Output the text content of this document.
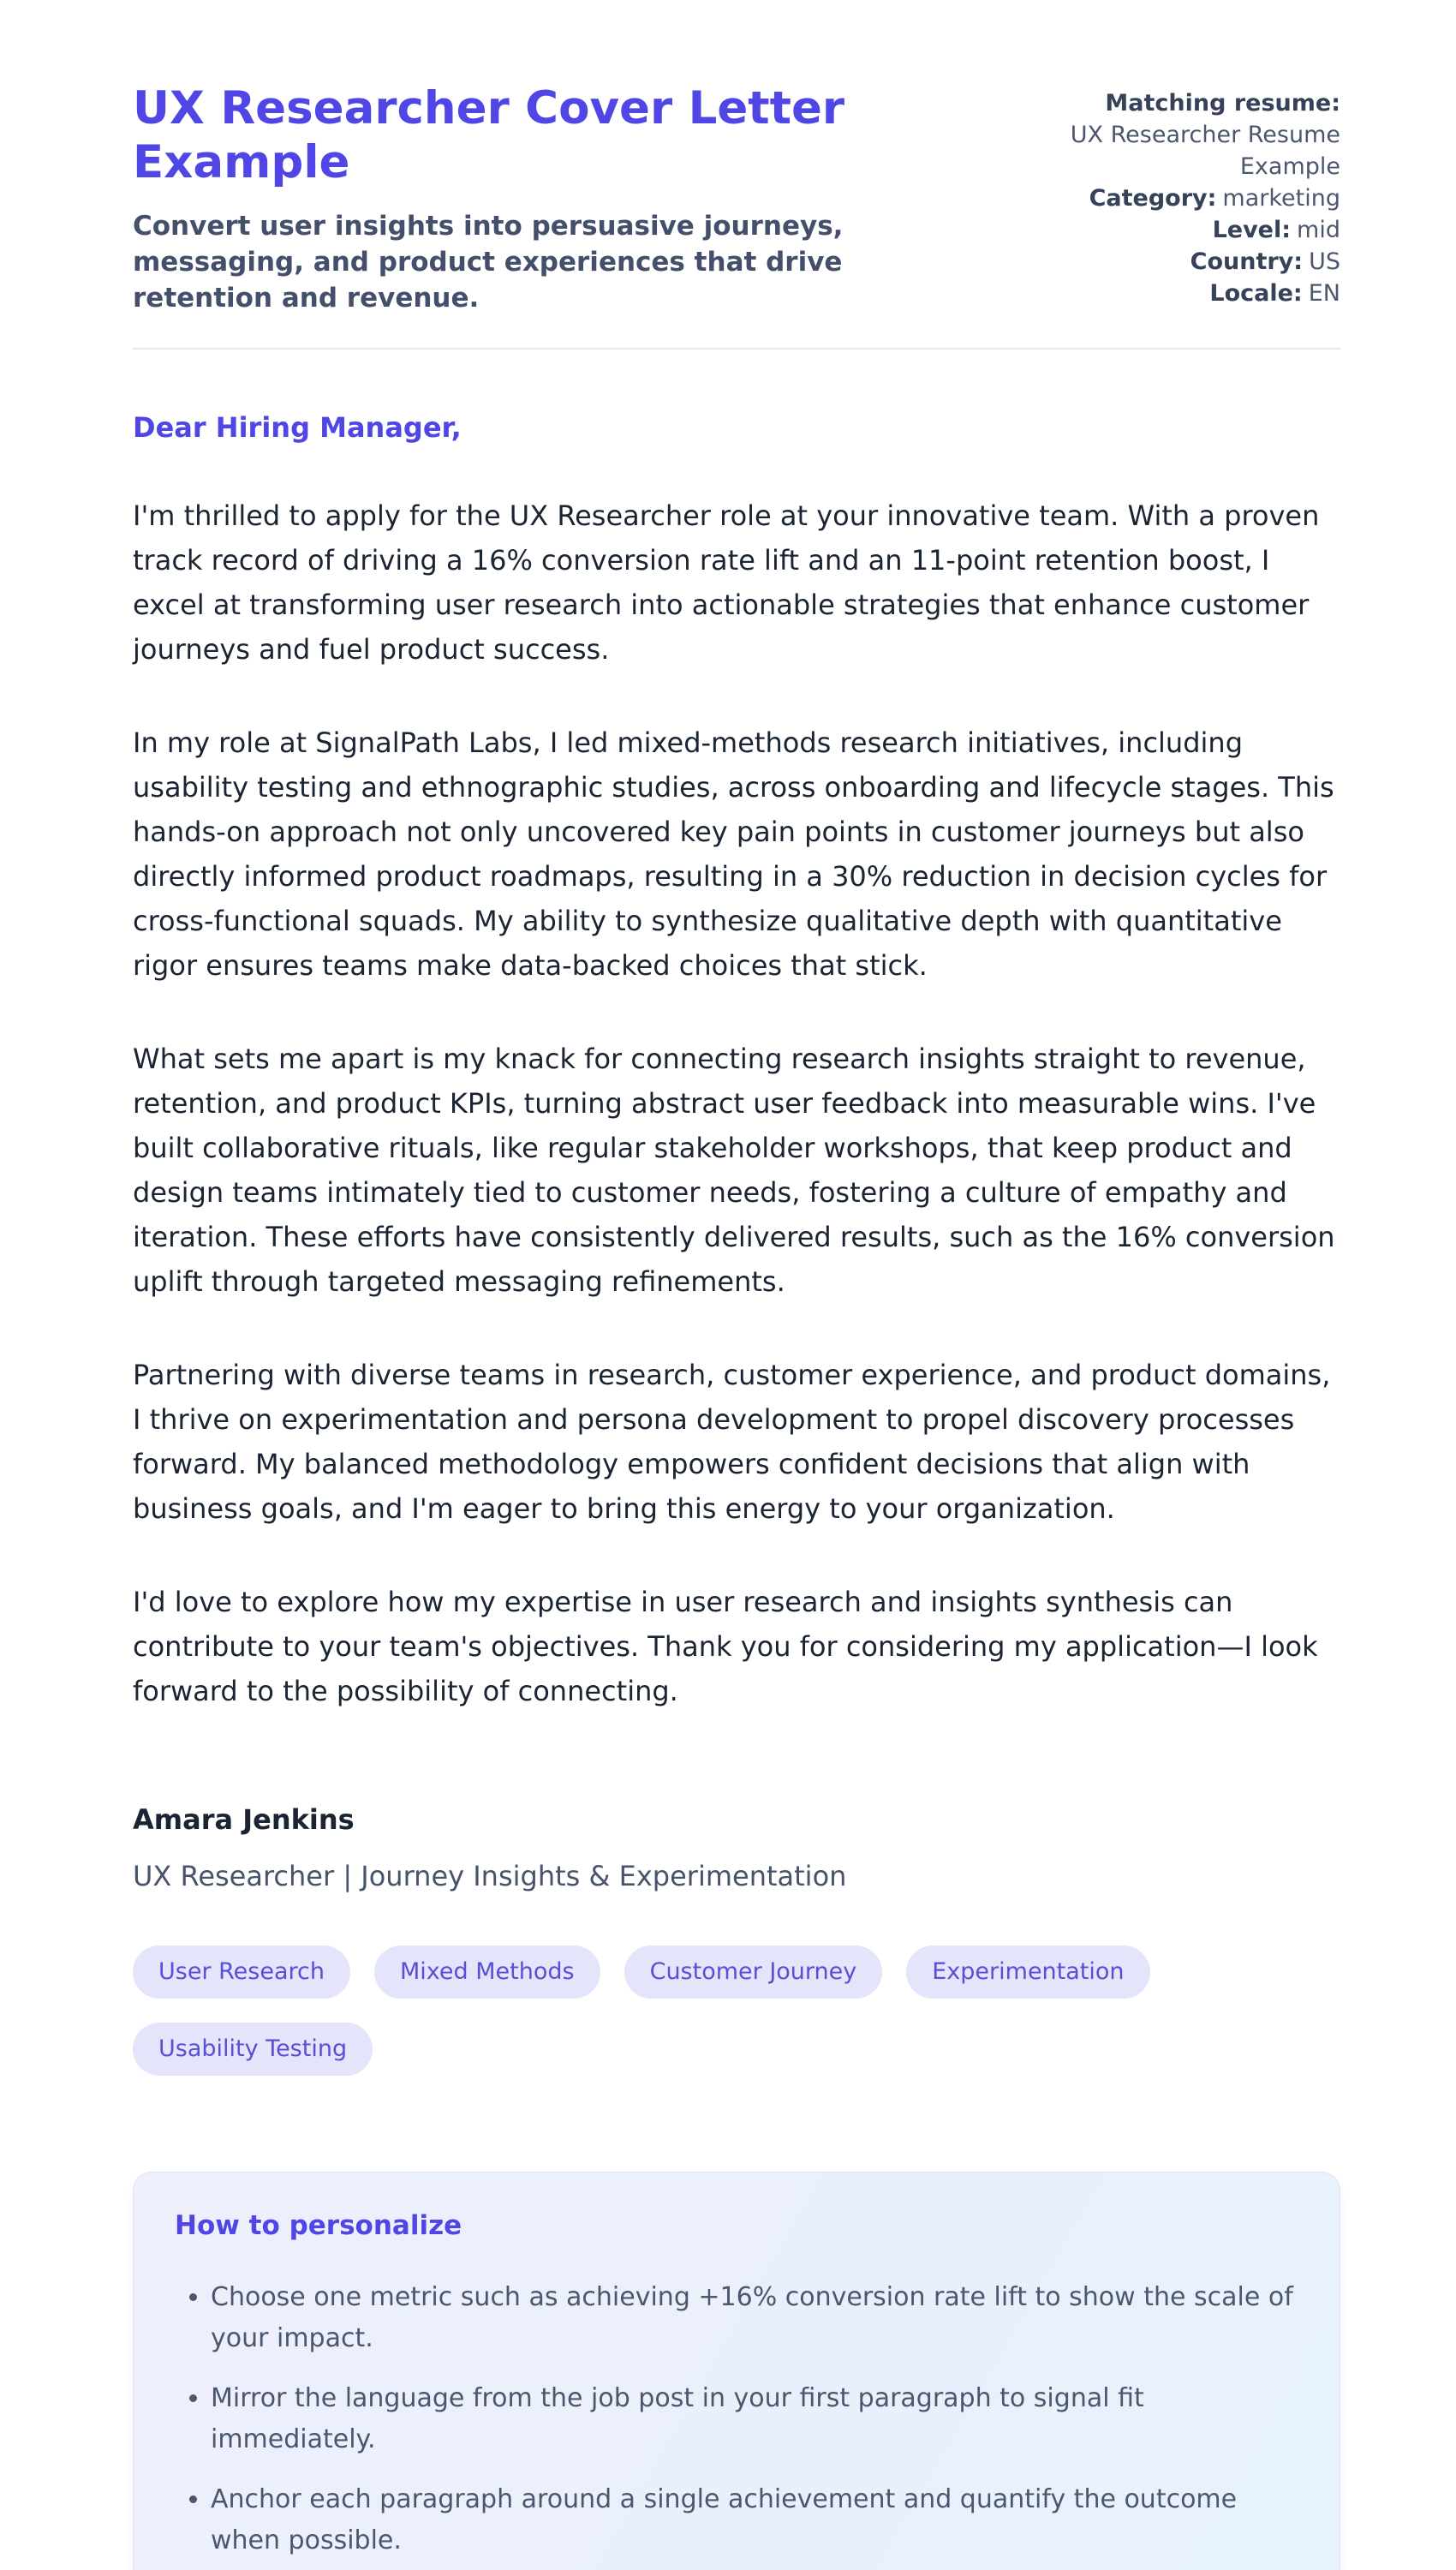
UX Researcher Cover Letter Example

Convert user insights into persuasive journeys, messaging, and product experiences that drive retention and revenue.

Matching resume:
UX Researcher Resume Example
Category: marketing
Level: mid
Country: US
Locale: EN

Dear Hiring Manager,

I'm thrilled to apply for the UX Researcher role at your innovative team. With a proven track record of driving a 16% conversion rate lift and an 11-point retention boost, I excel at transforming user research into actionable strategies that enhance customer journeys and fuel product success.

In my role at SignalPath Labs, I led mixed-methods research initiatives, including usability testing and ethnographic studies, across onboarding and lifecycle stages. This hands-on approach not only uncovered key pain points in customer journeys but also directly informed product roadmaps, resulting in a 30% reduction in decision cycles for cross-functional squads. My ability to synthesize qualitative depth with quantitative rigor ensures teams make data-backed choices that stick.

What sets me apart is my knack for connecting research insights straight to revenue, retention, and product KPIs, turning abstract user feedback into measurable wins. I've built collaborative rituals, like regular stakeholder workshops, that keep product and design teams intimately tied to customer needs, fostering a culture of empathy and iteration. These efforts have consistently delivered results, such as the 16% conversion uplift through targeted messaging refinements.

Partnering with diverse teams in research, customer experience, and product domains, I thrive on experimentation and persona development to propel discovery processes forward. My balanced methodology empowers confident decisions that align with business goals, and I'm eager to bring this energy to your organization.

I'd love to explore how my expertise in user research and insights synthesis can contribute to your team's objectives. Thank you for considering my application—I look forward to the possibility of connecting.

Amara Jenkins

UX Researcher | Journey Insights & Experimentation

User Research	Mixed Methods	Customer Journey	Experimentation
Usability Testing
How to personalize
• Choose one metric such as achieving +16% conversion rate lift to show the scale of your impact.
• Mirror the language from the job post in your first paragraph to signal fit immediately.
• Anchor each paragraph around a single achievement and quantify the outcome when possible.
